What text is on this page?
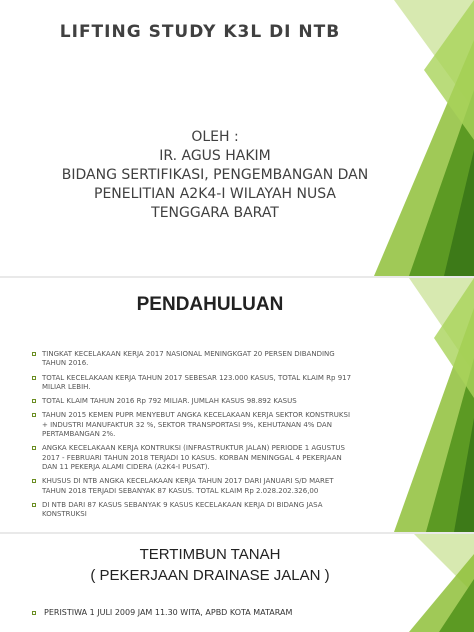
LIFTING STUDY K3L DI NTB
OLEH :
IR. AGUS HAKIM
BIDANG SERTIFIKASI, PENGEMBANGAN DAN
PENELITIAN A2K4-I WILAYAH NUSA
TENGGARA BARAT
PENDAHULUAN
TINGKAT KECELAKAAN KERJA 2017 NASIONAL MENINGKGAT 20 PERSEN DIBANDING TAHUN 2016.
TOTAL KECELAKAAN KERJA TAHUN 2017 SEBESAR 123.000 KASUS, TOTAL KLAIM Rp 917 MILIAR LEBIH.
TOTAL KLAIM TAHUN 2016 Rp 792 MILIAR. JUMLAH KASUS 98.892 KASUS
TAHUN 2015 KEMEN PUPR MENYEBUT ANGKA KECELAKAAN KERJA SEKTOR KONSTRUKSI + INDUSTRI MANUFAKTUR 32 %, SEKTOR TRANSPORTASI 9%, KEHUTANAN 4% DAN PERTAMBANGAN 2%.
ANGKA KECELAKAAN KERJA KONTRUKSI (INFRASTRUKTUR JALAN) PERIODE 1 AGUSTUS 2017 - FEBRUARI TAHUN 2018 TERJADI 10 KASUS. KORBAN MENINGGAL 4 PEKERJAAN DAN 11 PEKERJA ALAMI CIDERA (A2K4-I PUSAT).
KHUSUS DI NTB ANGKA KECELAKAAN KERJA TAHUN 2017 DARI JANUARI S/D MARET TAHUN 2018 TERJADI SEBANYAK 87 KASUS. TOTAL KLAIM Rp 2.028.202.326,00
DI NTB DARI 87 KASUS SEBANYAK 9 KASUS KECELAKAAN KERJA DI BIDANG JASA KONSTRUKSI
TERTIMBUN TANAH
( PEKERJAAN DRAINASE JALAN )
PERISTIWA 1 JULI 2009 JAM 11.30 WITA, APBD KOTA MATARAM
